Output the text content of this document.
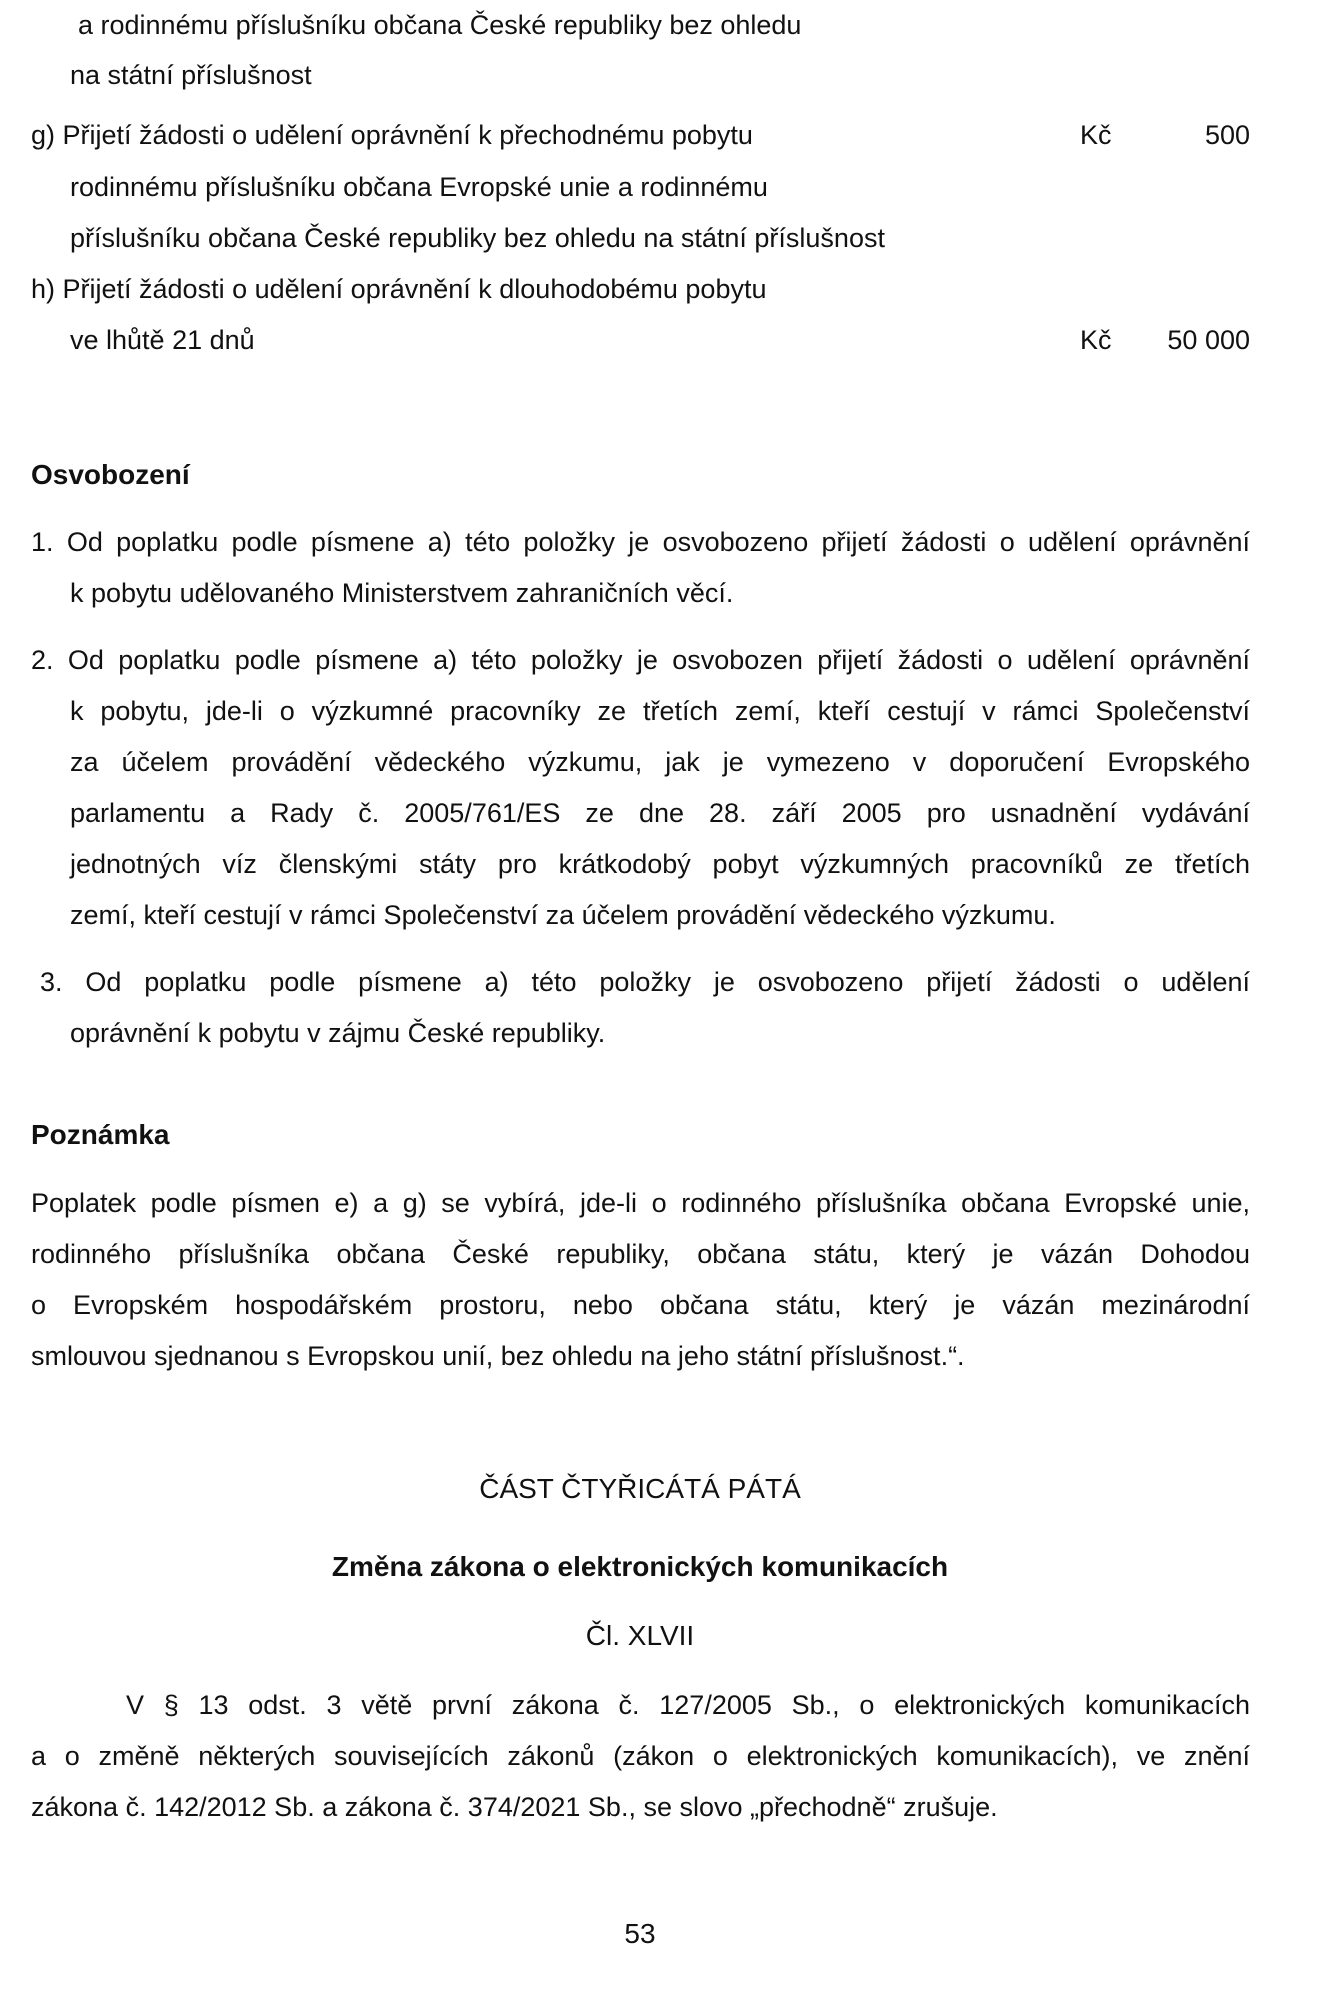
a rodinnému příslušníku občana České republiky bez ohledu
na státní příslušnost
g) Přijetí žádosti o udělení oprávnění k přechodnému pobytu	Kč	500
rodinnému příslušníku občana Evropské unie a rodinnému
příslušníku občana České republiky bez ohledu na státní příslušnost
h) Přijetí žádosti o udělení oprávnění k dlouhodobému pobytu
ve lhůtě 21 dnů	Kč 50 000
Osvobození
1. Od poplatku podle písmene a) této položky je osvobozeno přijetí žádosti o udělení oprávnění
k pobytu udělovaného Ministerstvem zahraničních věcí.
2. Od poplatku podle písmene a) této položky je osvobozen přijetí žádosti o udělení oprávnění
k pobytu, jde-li o výzkumné pracovníky ze třetích zemí, kteří cestují v rámci Společenství
za účelem provádění vědeckého výzkumu, jak je vymezeno v doporučení Evropského
parlamentu a Rady č. 2005/761/ES ze dne 28. září 2005 pro usnadnění vydávání
jednotných víz členskými státy pro krátkodobý pobyt výzkumných pracovníků ze třetích
zemí, kteří cestují v rámci Společenství za účelem provádění vědeckého výzkumu.
3. Od poplatku podle písmene a) této položky je osvobozeno přijetí žádosti o udělení
oprávnění k pobytu v zájmu České republiky.
Poznámka
Poplatek podle písmen e) a g) se vybírá, jde-li o rodinného příslušníka občana Evropské unie,
rodinného příslušníka občana České republiky, občana státu, který je vázán Dohodou
o Evropském hospodářském prostoru, nebo občana státu, který je vázán mezinárodní
smlouvou sjednanou s Evropskou unií, bez ohledu na jeho státní příslušnost.“.
ČÁST ČTYŘICÁTÁ PÁTÁ
Změna zákona o elektronických komunikacích
Čl. XLVII
V § 13 odst. 3 větě první zákona č. 127/2005 Sb., o elektronických komunikacích
a o změně některých souvisejících zákonů (zákon o elektronických komunikacích), ve znění
zákona č. 142/2012 Sb. a zákona č. 374/2021 Sb., se slovo „přechodně“ zrušuje.
53
